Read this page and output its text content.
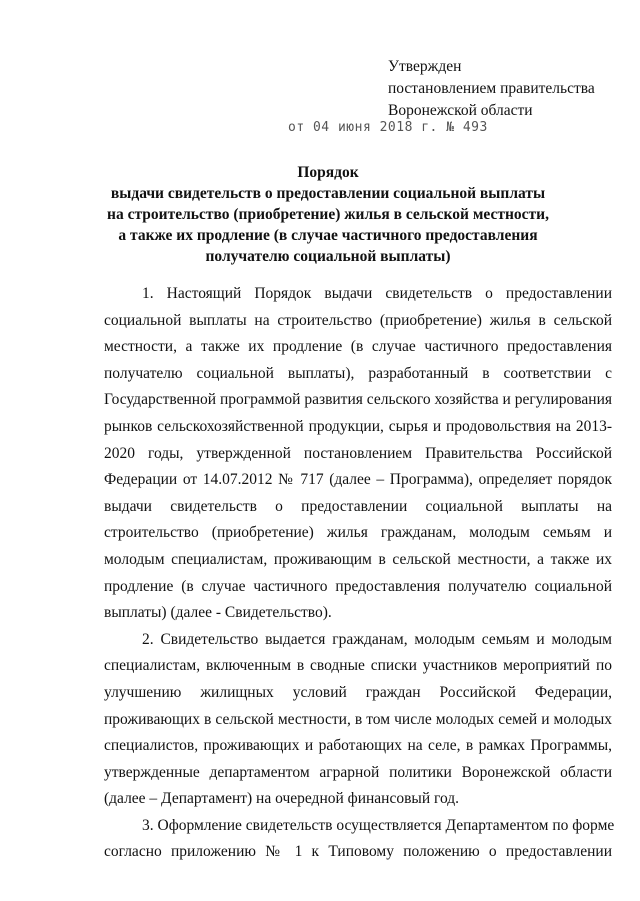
Утвержден
постановлением правительства
Воронежской области
от 04 июня 2018 г. № 493
Порядок
выдачи свидетельств о предоставлении социальной выплаты
на строительство (приобретение) жилья в сельской местности,
а также их продление (в случае частичного предоставления
получателю социальной выплаты)
1. Настоящий Порядок выдачи свидетельств о предоставлении
социальной выплаты на строительство (приобретение) жилья в сельской
местности, а также их продление (в случае частичного предоставления
получателю социальной выплаты), разработанный в соответствии с
Государственной программой развития сельского хозяйства и регулирования
рынков сельскохозяйственной продукции, сырья и продовольствия на 2013-
2020 годы, утвержденной постановлением Правительства Российской
Федерации от 14.07.2012 № 717 (далее – Программа), определяет порядок
выдачи свидетельств о предоставлении социальной выплаты на
строительство (приобретение) жилья гражданам, молодым семьям и
молодым специалистам, проживающим в сельской местности, а также их
продление (в случае частичного предоставления получателю социальной
выплаты) (далее - Свидетельство).
2. Свидетельство выдается гражданам, молодым семьям и молодым
специалистам, включенным в сводные списки участников мероприятий по
улучшению жилищных условий граждан Российской Федерации,
проживающих в сельской местности, в том числе молодых семей и молодых
специалистов, проживающих и работающих на селе, в рамках Программы,
утвержденные департаментом аграрной политики Воронежской области
(далее – Департамент) на очередной финансовый год.
3. Оформление свидетельств осуществляется Департаментом по форме
согласно приложению № 1 к Типовому положению о предоставлении
